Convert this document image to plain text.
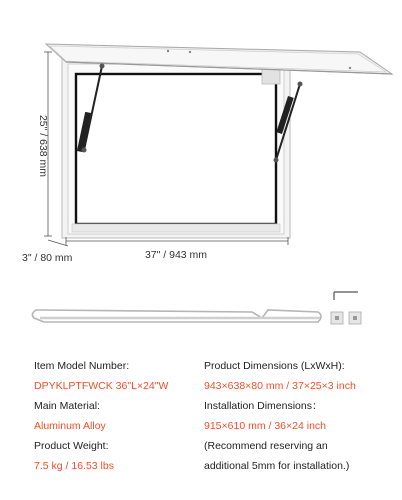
25" / 638 mm
37" / 943 mm
3" / 80 mm
Item Model Number:
DPYKLPTFWCK 36"L×24"W
Main Material:
Aluminum Alloy
Product Weight:
7.5 kg / 16.53 lbs
Product Dimensions (LxWxH):
943×638×80 mm / 37×25×3 inch
Installation Dimensions：
915×610 mm / 36×24 inch
(Recommend reserving an
additional 5mm for installation.)
